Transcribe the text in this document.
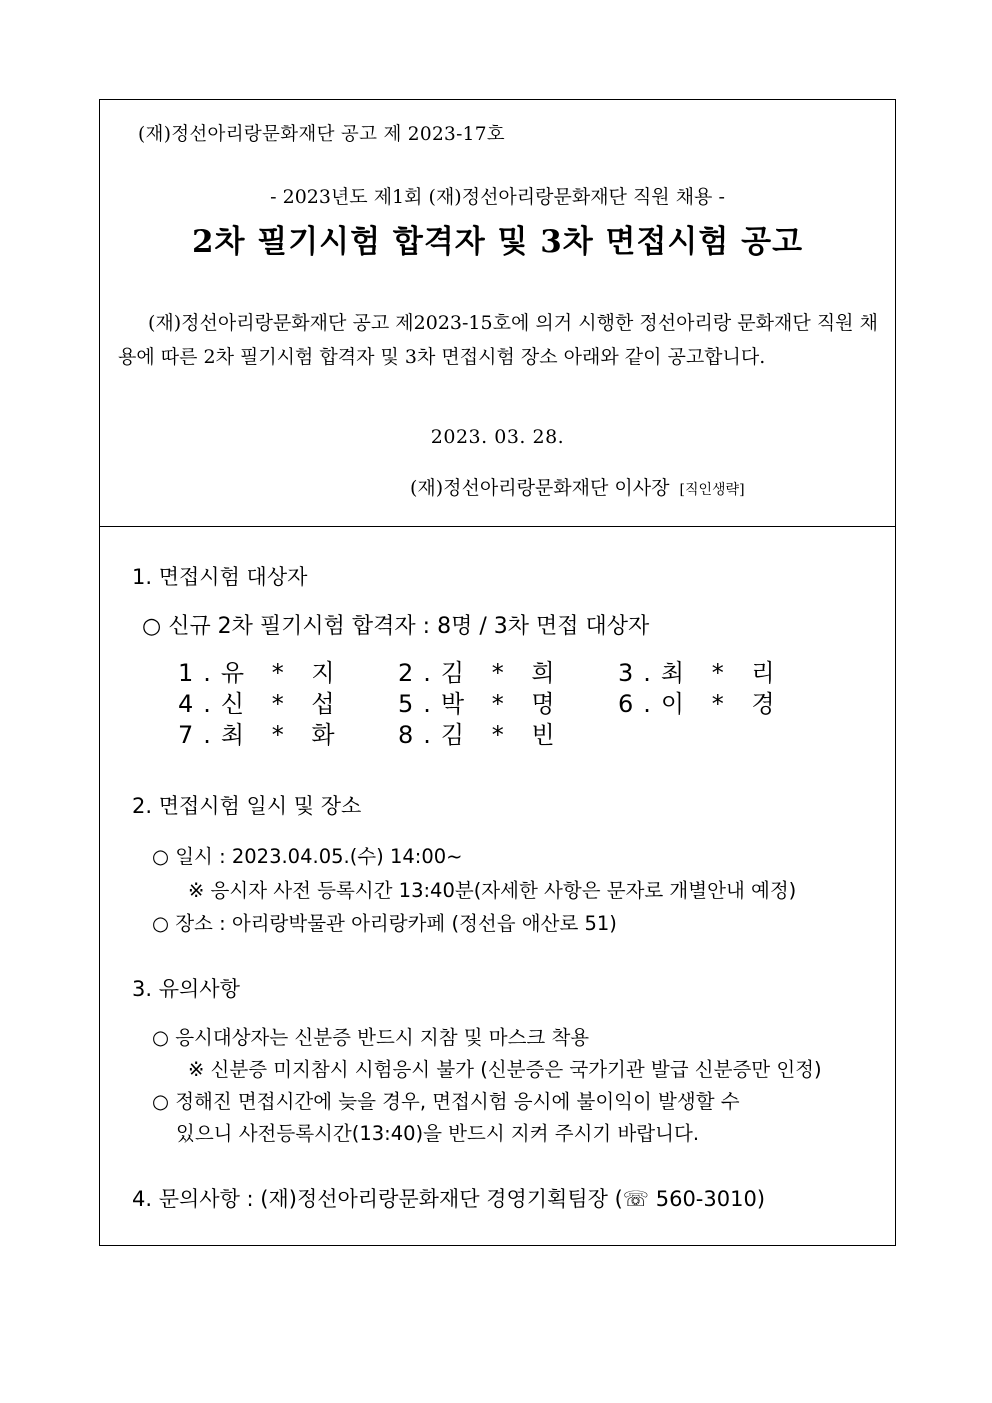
(재)정선아리랑문화재단 공고 제 2023-17호
- 2023년도 제1회 (재)정선아리랑문화재단 직원 채용 -
2차 필기시험 합격자 및 3차 면접시험 공고
(재)정선아리랑문화재단 공고 제2023-15호에 의거 시행한 정선아리랑 문화재단 직원 채용에 따른 2차 필기시험 합격자 및 3차 면접시험 장소 아래와 같이 공고합니다.
2023. 03. 28.
(재)정선아리랑문화재단 이사장 [직인생략]
1. 면접시험 대상자
○ 신규 2차 필기시험 합격자 : 8명 / 3차 면접 대상자
1.유 * 지 2.김 * 희 3.최 * 리
4.신 * 섭 5.박 * 명 6.이 * 경
7.최 * 화 8.김 * 빈
2. 면접시험 일시 및 장소
○ 일시 : 2023.04.05.(수) 14:00~
※ 응시자 사전 등록시간 13:40분(자세한 사항은 문자로 개별안내 예정)
○ 장소 : 아리랑박물관 아리랑카페 (정선읍 애산로 51)
3. 유의사항
○ 응시대상자는 신분증 반드시 지참 및 마스크 착용
※ 신분증 미지참시 시험응시 불가 (신분증은 국가기관 발급 신분증만 인정)
○ 정해진 면접시간에 늦을 경우, 면접시험 응시에 불이익이 발생할 수
있으니 사전등록시간(13:40)을 반드시 지켜 주시기 바랍니다.
4. 문의사항 : (재)정선아리랑문화재단 경영기획팀장 (☏ 560-3010)
